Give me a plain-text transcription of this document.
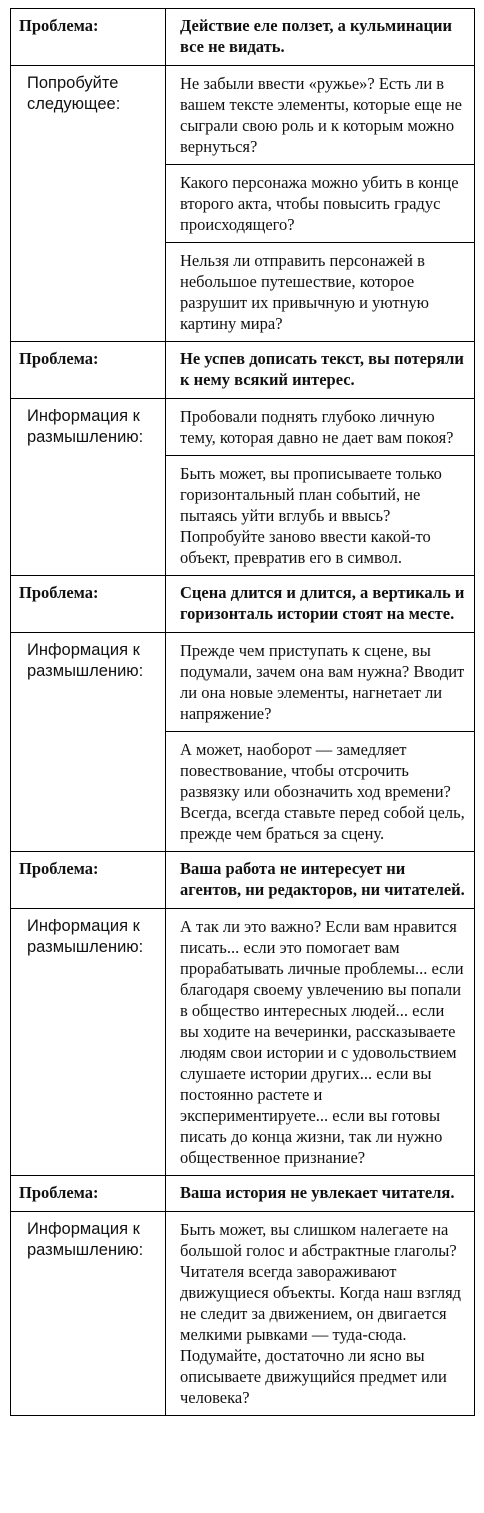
Проблема:	Действие еле ползет, а кульминации все не видать.
Попробуйте следующее:	Не забыли ввести «ружье»? Есть ли в вашем тексте элементы, которые еще не сыграли свою роль и к которым можно вернуться?
Какого персонажа можно убить в конце второго акта, чтобы повысить градус происходящего?
Нельзя ли отправить персонажей в небольшое путешествие, которое разрушит их привычную и уютную картину мира?

Проблема:	Не успев дописать текст, вы потеряли к нему всякий интерес.
Информация к размышлению:	Пробовали поднять глубоко личную тему, которая давно не дает вам покоя?
Быть может, вы прописываете только горизонтальный план событий, не пытаясь уйти вглубь и ввысь? Попробуйте заново ввести какой-то объект, превратив его в символ.

Проблема:	Сцена длится и длится, а вертикаль и горизонталь истории стоят на месте.
Информация к размышлению:	Прежде чем приступать к сцене, вы подумали, зачем она вам нужна? Вводит ли она новые элементы, нагнетает ли напряжение?
А может, наоборот — замедляет повествование, чтобы отсрочить развязку или обозначить ход времени? Всегда, всегда ставьте перед собой цель, прежде чем браться за сцену.

Проблема:	Ваша работа не интересует ни агентов, ни редакторов, ни читателей.
Информация к размышлению:	А так ли это важно? Если вам нравится писать... если это помогает вам прорабатывать личные проблемы... если благодаря своему увлечению вы попали в общество интересных людей... если вы ходите на вечеринки, рассказываете людям свои истории и с удовольствием слушаете истории других... если вы постоянно растете и экспериментируете... если вы готовы писать до конца жизни, так ли нужно общественное признание?

Проблема:	Ваша история не увлекает читателя.
Информация к размышлению:	Быть может, вы слишком налегаете на большой голос и абстрактные глаголы? Читателя всегда завораживают движущиеся объекты. Когда наш взгляд не следит за движением, он двигается мелкими рывками — туда-сюда. Подумайте, достаточно ли ясно вы описываете движущийся предмет или человека?
